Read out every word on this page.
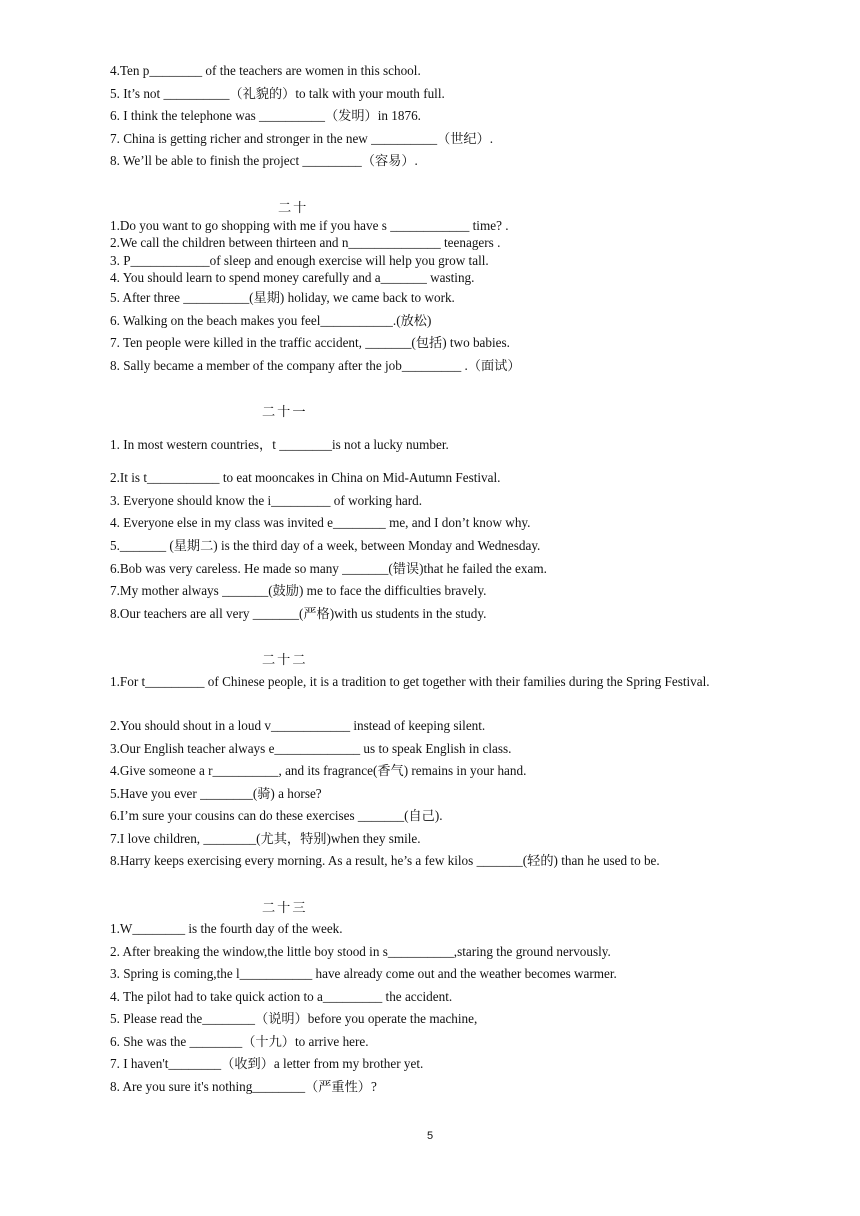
4.Ten p________ of the teachers are women in this school.
5. It’s not __________（礼貌的）to talk with your mouth full.
6. I think the telephone was __________（发明）in 1876.
7. China is getting richer and stronger in the new __________（世纪）.
8. We’ll be able to finish the project _________（容易）.
二十
1.Do you want to go shopping with me if you have s ____________ time? .
2.We call the children between thirteen and n______________ teenagers .
3. P____________of sleep and enough exercise will help you grow tall.
4. You should learn to spend money carefully and a_______ wasting.
5. After three __________(星期) holiday, we came back to work.
6. Walking on the beach makes you feel___________.(放松)
7. Ten people were killed in the traffic accident, _______(包括) two babies.
8. Sally became a member of the company after the job_________ .（面试）
二十一
1. In most western countries，t ________is not a lucky number.
2.It is t___________ to eat mooncakes in China on Mid-Autumn Festival.
3. Everyone should know the i_________ of working hard.
4. Everyone else in my class was invited e________ me, and I don’t know why.
5._______ (星期二) is the third day of a week, between Monday and Wednesday.
6.Bob was very careless. He made so many _______(错误)that he failed the exam.
7.My mother always _______(鼓励) me to face the difficulties bravely.
8.Our teachers are all very _______(严格)with us students in the study.
二十二
1.For t_________ of Chinese people, it is a tradition to get together with their families during the Spring Festival.
2.You should shout in a loud v____________ instead of keeping silent.
3.Our English teacher always e_____________ us to speak English in class.
4.Give someone a r__________, and its fragrance(香气) remains in your hand.
5.Have you ever ________(骑) a horse?
6.I’m sure your cousins can do these exercises _______(自己).
7.I love children, ________(尤其，特别)when they smile.
8.Harry keeps exercising every morning. As a result, he’s a few kilos _______(轻的) than he used to be.
二十三
1.W________ is the fourth day of the week.
2. After breaking the window,the little boy stood in s__________,staring the ground nervously.
3. Spring is coming,the l___________ have already come out and the weather becomes warmer.
4. The pilot had to take quick action to a_________ the accident.
5. Please read the________（说明）before you operate the machine,
6. She was the ________（十九）to arrive here.
7. I haven't________（收到）a letter from my brother yet.
8. Are you sure it's nothing________（严重性）?
5
